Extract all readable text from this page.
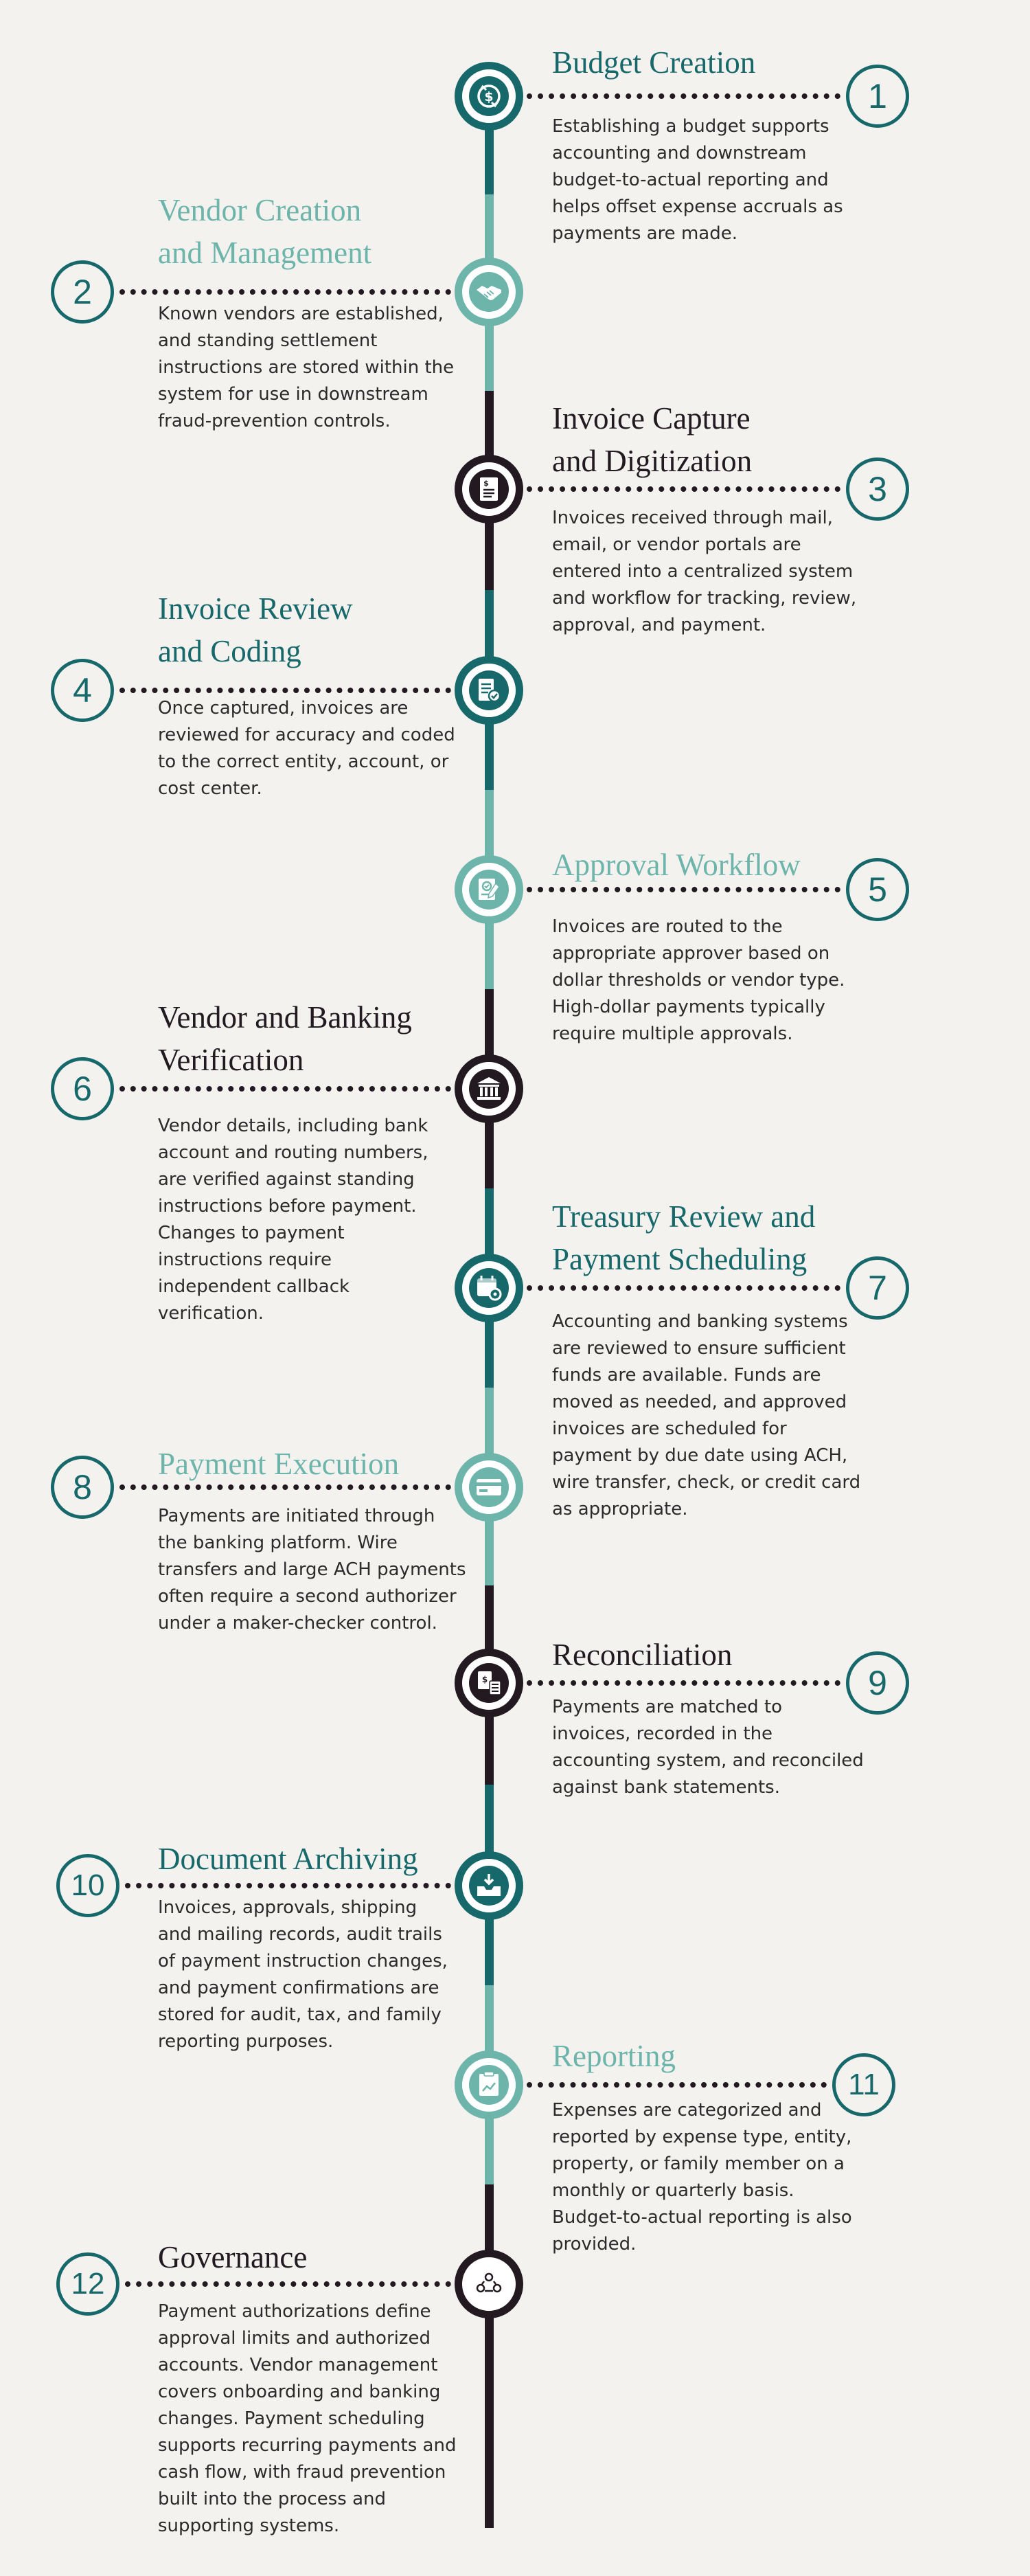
$	1
Budget Creation

Establishing a budget supports
accounting and downstream
budget-to-actual reporting and
helps offset expense accruals as
payments are made.

2
Vendor Creation
and Management

Known vendors are established,
and standing settlement
instructions are stored within the
system for use in downstream
fraud-prevention controls.

$	3
Invoice Capture
and Digitization

Invoices received through mail,
email, or vendor portals are
entered into a centralized system
and workflow for tracking, review,
approval, and payment.

4
Invoice Review
and Coding

Once captured, invoices are
reviewed for accuracy and coded
to the correct entity, account, or
cost center.

5
Approval Workflow

Invoices are routed to the
appropriate approver based on
dollar thresholds or vendor type.
High-dollar payments typically
require multiple approvals.

6
Vendor and Banking
Verification

Vendor details, including bank
account and routing numbers,
are verified against standing
instructions before payment.
Changes to payment
instructions require
independent callback
verification.

7
Treasury Review and
Payment Scheduling

Accounting and banking systems
are reviewed to ensure sufficient
funds are available. Funds are
moved as needed, and approved
invoices are scheduled for
payment by due date using ACH,
wire transfer, check, or credit card
as appropriate.

8
Payment Execution

Payments are initiated through
the banking platform. Wire
transfers and large ACH payments
often require a second authorizer
under a maker-checker control.

$	9
Reconciliation

Payments are matched to
invoices, recorded in the
accounting system, and reconciled
against bank statements.

10
Document Archiving

Invoices, approvals, shipping
and mailing records, audit trails
of payment instruction changes,
and payment confirmations are
stored for audit, tax, and family
reporting purposes.

11
Reporting

Expenses are categorized and
reported by expense type, entity,
property, or family member on a
monthly or quarterly basis.
Budget-to-actual reporting is also
provided.

12
Governance

Payment authorizations define
approval limits and authorized
accounts. Vendor management
covers onboarding and banking
changes. Payment scheduling
supports recurring payments and
cash flow, with fraud prevention
built into the process and
supporting systems.
